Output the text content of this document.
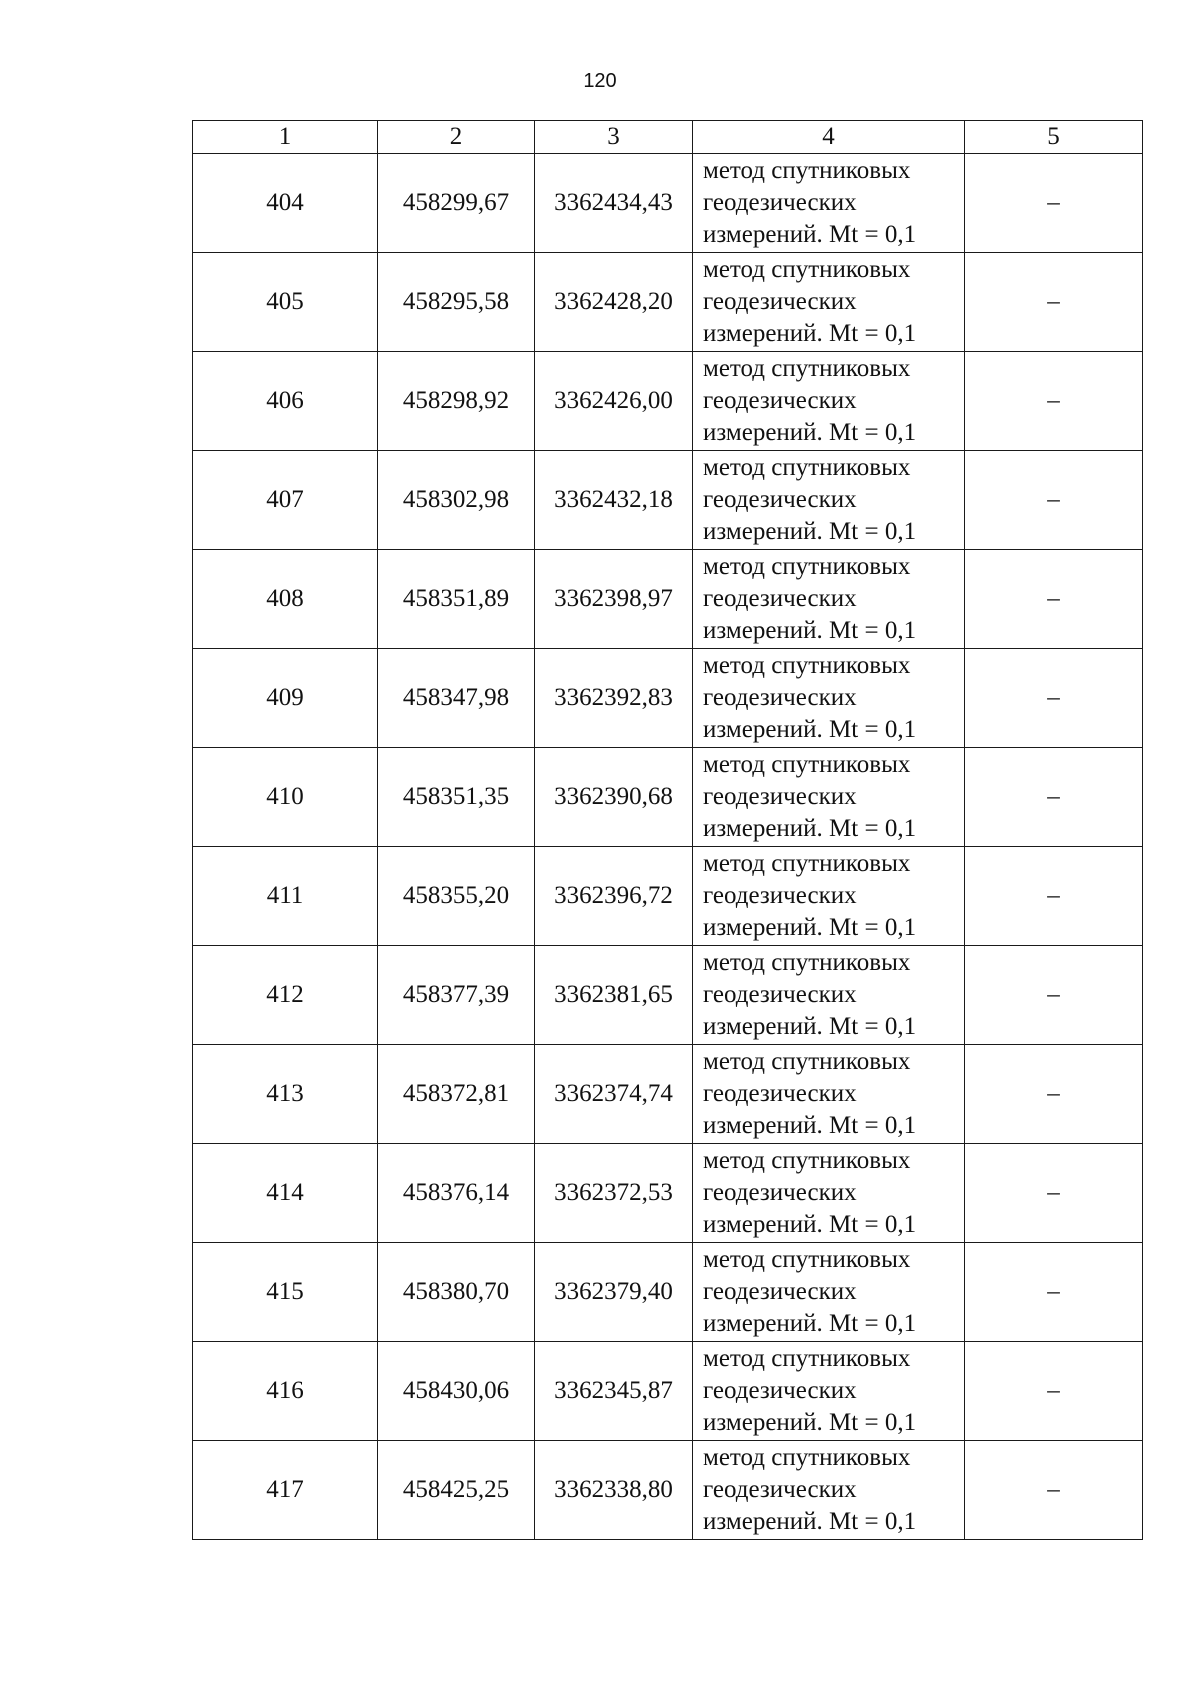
120
1	2	3	4	5
404	458299,67	3362434,43	метод спутниковых
геодезических
измерений. Mt = 0,1	–
405	458295,58	3362428,20	метод спутниковых
геодезических
измерений. Mt = 0,1	–
406	458298,92	3362426,00	метод спутниковых
геодезических
измерений. Mt = 0,1	–
407	458302,98	3362432,18	метод спутниковых
геодезических
измерений. Mt = 0,1	–
408	458351,89	3362398,97	метод спутниковых
геодезических
измерений. Mt = 0,1	–
409	458347,98	3362392,83	метод спутниковых
геодезических
измерений. Mt = 0,1	–
410	458351,35	3362390,68	метод спутниковых
геодезических
измерений. Mt = 0,1	–
411	458355,20	3362396,72	метод спутниковых
геодезических
измерений. Mt = 0,1	–
412	458377,39	3362381,65	метод спутниковых
геодезических
измерений. Mt = 0,1	–
413	458372,81	3362374,74	метод спутниковых
геодезических
измерений. Mt = 0,1	–
414	458376,14	3362372,53	метод спутниковых
геодезических
измерений. Mt = 0,1	–
415	458380,70	3362379,40	метод спутниковых
геодезических
измерений. Mt = 0,1	–
416	458430,06	3362345,87	метод спутниковых
геодезических
измерений. Mt = 0,1	–
417	458425,25	3362338,80	метод спутниковых
геодезических
измерений. Mt = 0,1	–
